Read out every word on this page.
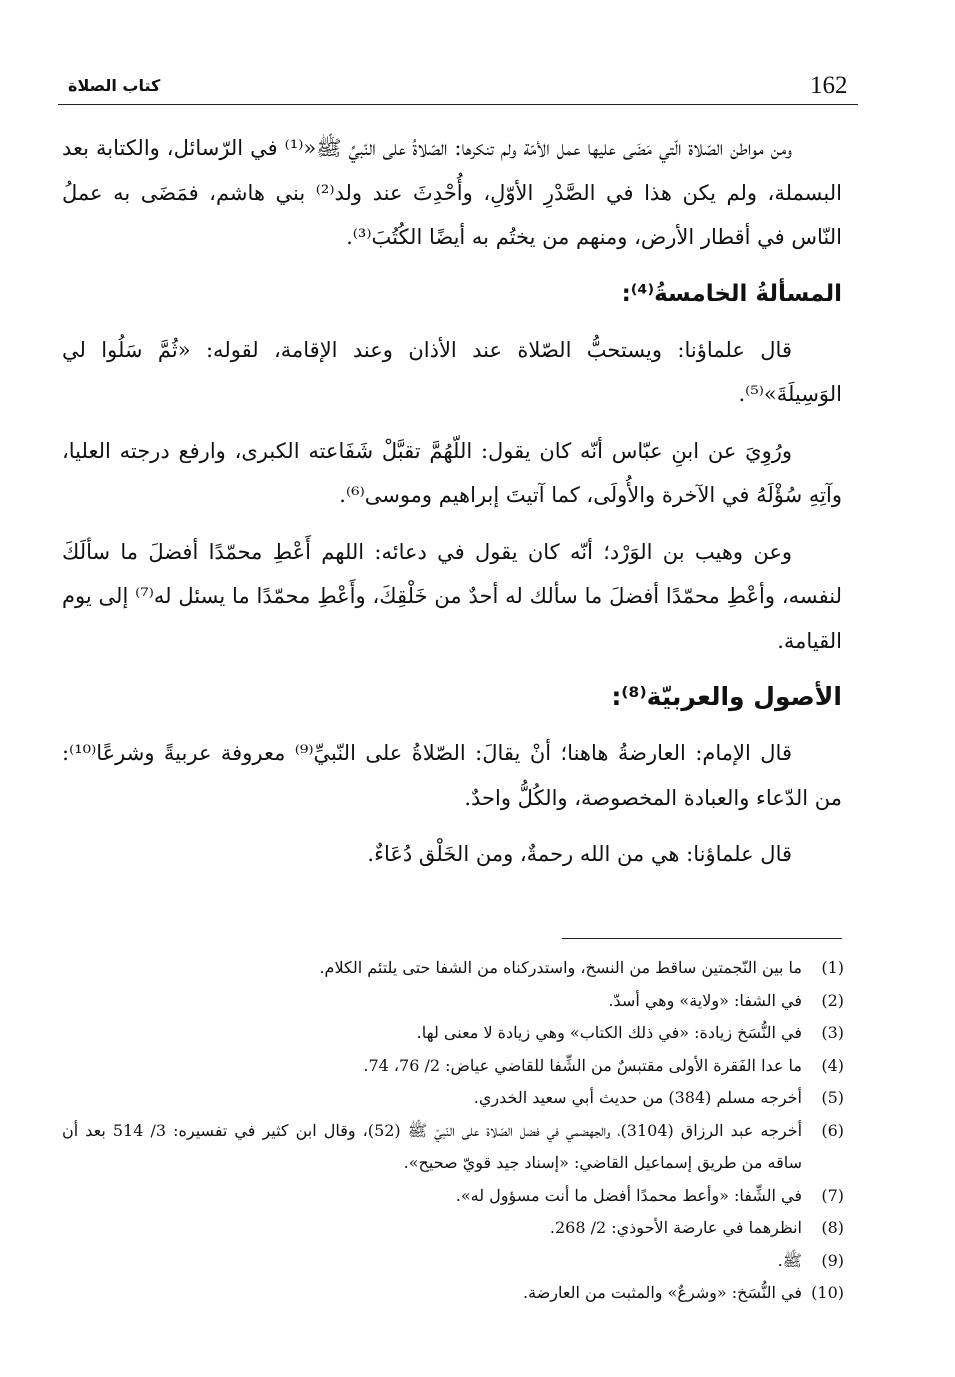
162
كتاب الصلاة

ومن مواطن الصّلاة الّتي مَضَى عليها عمل الأمّة ولم تنكرها: الصّلاةُ على النّبيِّ ﷺ«⁽¹⁾ في الرّسائل، والكتابة بعد البسملة، ولم يكن هذا في الصَّدْرِ الأوّلِ، وأُحْدِثَ عند ولد⁽²⁾ بني هاشم، فمَضَى به عملُ النّاس في أقطار الأرض، ومنهم من يختُم به أيضًا الكُتُبَ⁽³⁾.

المسألةُ الخامسةُ⁽⁴⁾:

قال علماؤنا: ويستحبُّ الصّلاة عند الأذان وعند الإقامة، لقوله: «ثُمَّ سَلُوا لي الوَسِيلَةَ»⁽⁵⁾.

ورُوِيَ عن ابنِ عبّاس أنّه كان يقول: اللّهُمَّ تقبَّلْ شَفَاعته الكبرى، وارفع درجته العليا، وآتِهِ سُؤْلَهُ في الآخرة والأُولَى، كما آتيتَ إبراهيم وموسى⁽⁶⁾.

وعن وهيب بن الوَرْد؛ أنّه كان يقول في دعائه: اللهم أَعْطِ محمّدًا أفضلَ ما سألَكَ لنفسه، وأعْطِ محمّدًا أفضلَ ما سألك له أحدٌ من خَلْقِكَ، وأَعْطِ محمّدًا ما يسئل له⁽⁷⁾ إلى يوم القيامة.

الأصول والعربيّة⁽⁸⁾:

قال الإمام: العارضةُ هاهنا؛ أنْ يقالَ: الصّلاةُ على النّبيِّ⁽⁹⁾ معروفة عربيةً وشرعًا⁽¹⁰⁾: من الدّعاء والعبادة المخصوصة، والكُلُّ واحدٌ.

قال علماؤنا: هي من الله رحمةٌ، ومن الخَلْق دُعَاءٌ.

(1)
ما بين النّجمتين ساقط من النسخ، واستدركناه من الشفا حتى يلتئم الكلام.
(2)
في الشفا: «ولاية» وهي أسدّ.
(3)
في النُّسَخ زيادة: «في ذلك الكتاب» وهي زيادة لا معنى لها.
(4)
ما عدا الفَقرة الأولى مقتبسٌ من الشِّفا للقاضي عياض: 2/ 76، 74.
(5)
أخرجه مسلم (384) من حديث أبي سعيد الخدري.
(6)
أخرجه عبد الرزاق (3104)، والجهضمي في فضل الصّلاة على النّبيّ ﷺ (52)، وقال ابن كثير في تفسيره: 3/ 514 بعد أن ساقه من طريق إسماعيل القاضي: «إسناد جيد قويّ صحيح».
(7)
في الشِّفا: «وأعط محمدًا أفضل ما أنت مسؤول له».
(8)
انظرهما في عارضة الأحوذي: 2/ 268.
(9)
ﷺ.
(10)
في النُّسَخ: «وشرعٌ» والمثبت من العارضة.
